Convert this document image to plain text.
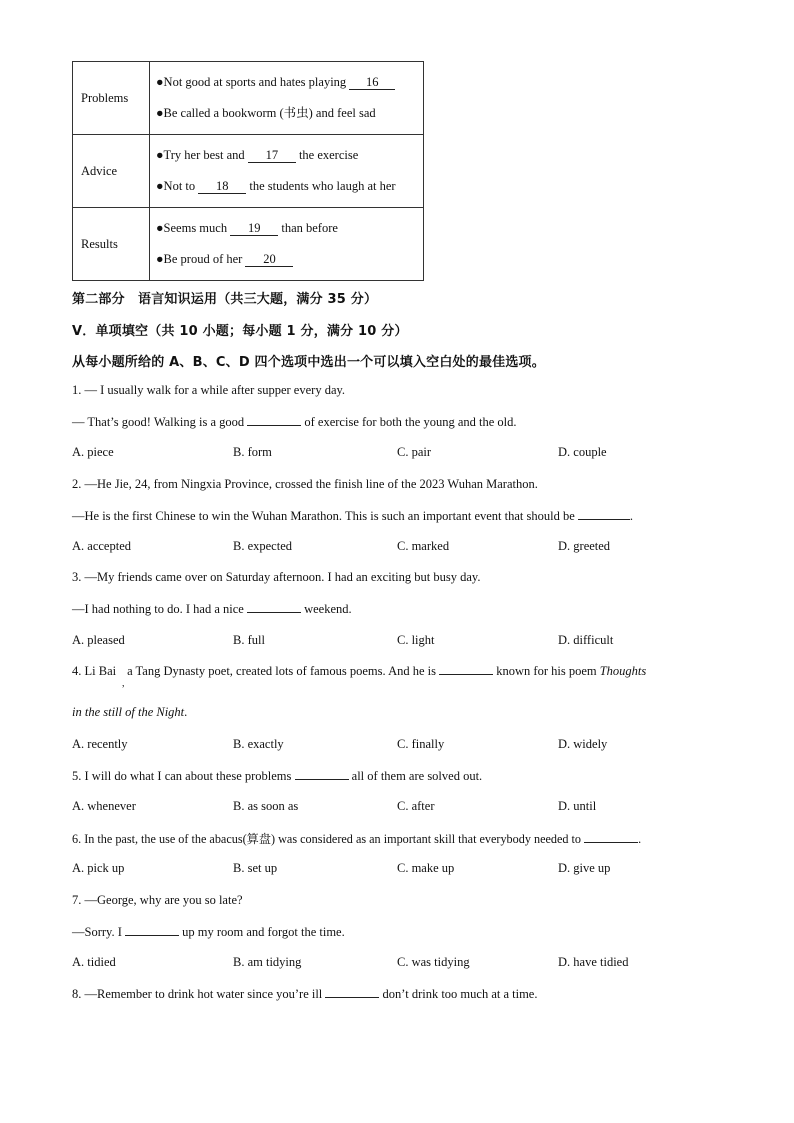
Problems	●Not good at sports and hates playing 16
●Be called a bookworm (书虫) and feel sad

Advice	●Try her best and 17 the exercise
●Not to 18 the students who laugh at her

Results	●Seems much 19 than before
●Be proud of her 20
第二部分　语言知识运用（共三大题，满分 35 分）
V．单项填空（共 10 小题；每小题 1 分，满分 10 分）
从每小题所给的 A、B、C、D 四个选项中选出一个可以填入空白处的最佳选项。
1. — I usually walk for a while after supper every day.
— That’s good! Walking is a good	of exercise for both the young and the old.
A. piece	B. form	C. pair	D. couple
2. —He Jie, 24, from Ningxia Province, crossed the finish line of the 2023 Wuhan Marathon.
—He is the first Chinese to win the Wuhan Marathon. This is such an important event that should be	.
A. accepted	B. expected	C. marked	D. greeted
3. —My friends came over on Saturday afternoon. I had an exciting but busy day.
—I had nothing to do. I had a nice	weekend.
A. pleased	B. full	C. light	D. difficult
4. Li Bai a Tang Dynasty poet, created lots of famous poems. And he is	known for his poem Thoughts
,
in the still of the Night.
A. recently	B. exactly	C. finally	D. widely
5. I will do what I can about these problems	all of them are solved out.
A. whenever	B. as soon as	C. after	D. until
6. In the past, the use of the abacus(算盘) was considered as an important skill that everybody needed to	.
A. pick up	B. set up	C. make up	D. give up
7. —George, why are you so late?
—Sorry. I	up my room and forgot the time.
A. tidied	B. am tidying	C. was tidying	D. have tidied
8. —Remember to drink hot water since you’re ill	don’t drink too much at a time.
